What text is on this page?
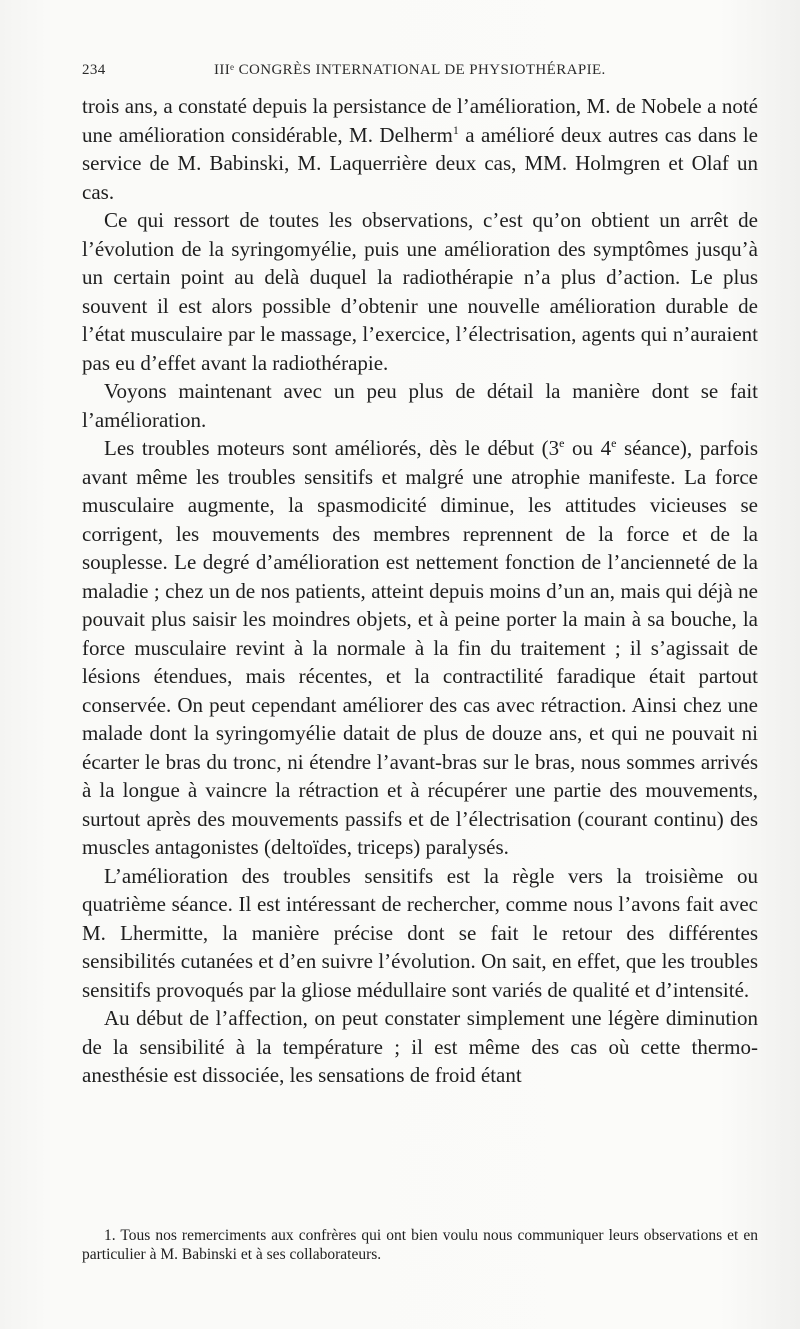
234	IIIᵉ CONGRÈS INTERNATIONAL DE PHYSIOTHÉRAPIE.

trois ans, a constaté depuis la persistance de l’amélioration, M. de Nobele a noté une amélioration considérable, M. Delherm$^1$ a amélioré deux autres cas dans le service de M. Babinski, M. Laquerrière deux cas, MM. Holmgren et Olaf un cas.

Ce qui ressort de toutes les observations, c’est qu’on obtient un arrêt de l’évolution de la syringomyélie, puis une amélioration des symptômes jusqu’à un certain point au delà duquel la radiothérapie n’a plus d’action. Le plus souvent il est alors possible d’obtenir une nouvelle amélioration durable de l’état musculaire par le massage, l’exercice, l’électrisation, agents qui n’auraient pas eu d’effet avant la radiothérapie.

Voyons maintenant avec un peu plus de détail la manière dont se fait l’amélioration.

Les troubles moteurs sont améliorés, dès le début (3e ou 4e séance), parfois avant même les troubles sensitifs et malgré une atrophie manifeste. La force musculaire augmente, la spasmodicité diminue, les attitudes vicieuses se corrigent, les mouvements des membres reprennent de la force et de la souplesse. Le degré d’amélioration est nettement fonction de l’ancienneté de la maladie ; chez un de nos patients, atteint depuis moins d’un an, mais qui déjà ne pouvait plus saisir les moindres objets, et à peine porter la main à sa bouche, la force musculaire revint à la normale à la fin du traitement ; il s’agissait de lésions étendues, mais récentes, et la contractilité faradique était partout conservée. On peut cependant améliorer des cas avec rétraction. Ainsi chez une malade dont la syringomyélie datait de plus de douze ans, et qui ne pouvait ni écarter le bras du tronc, ni étendre l’avant-bras sur le bras, nous sommes arrivés à la longue à vaincre la rétraction et à récupérer une partie des mouvements, surtout après des mouvements passifs et de l’électrisation (courant continu) des muscles antagonistes (deltoïdes, triceps) paralysés.

L’amélioration des troubles sensitifs est la règle vers la troisième ou quatrième séance. Il est intéressant de rechercher, comme nous l’avons fait avec M. Lhermitte, la manière précise dont se fait le retour des différentes sensibilités cutanées et d’en suivre l’évolution. On sait, en effet, que les troubles sensitifs provoqués par la gliose médullaire sont variés de qualité et d’intensité.

Au début de l’affection, on peut constater simplement une légère diminution de la sensibilité à la température ; il est même des cas où cette thermo-anesthésie est dissociée, les sensations de froid étant

1. Tous nos remerciments aux confrères qui ont bien voulu nous communiquer leurs observations et en particulier à M. Babinski et à ses collaborateurs.
